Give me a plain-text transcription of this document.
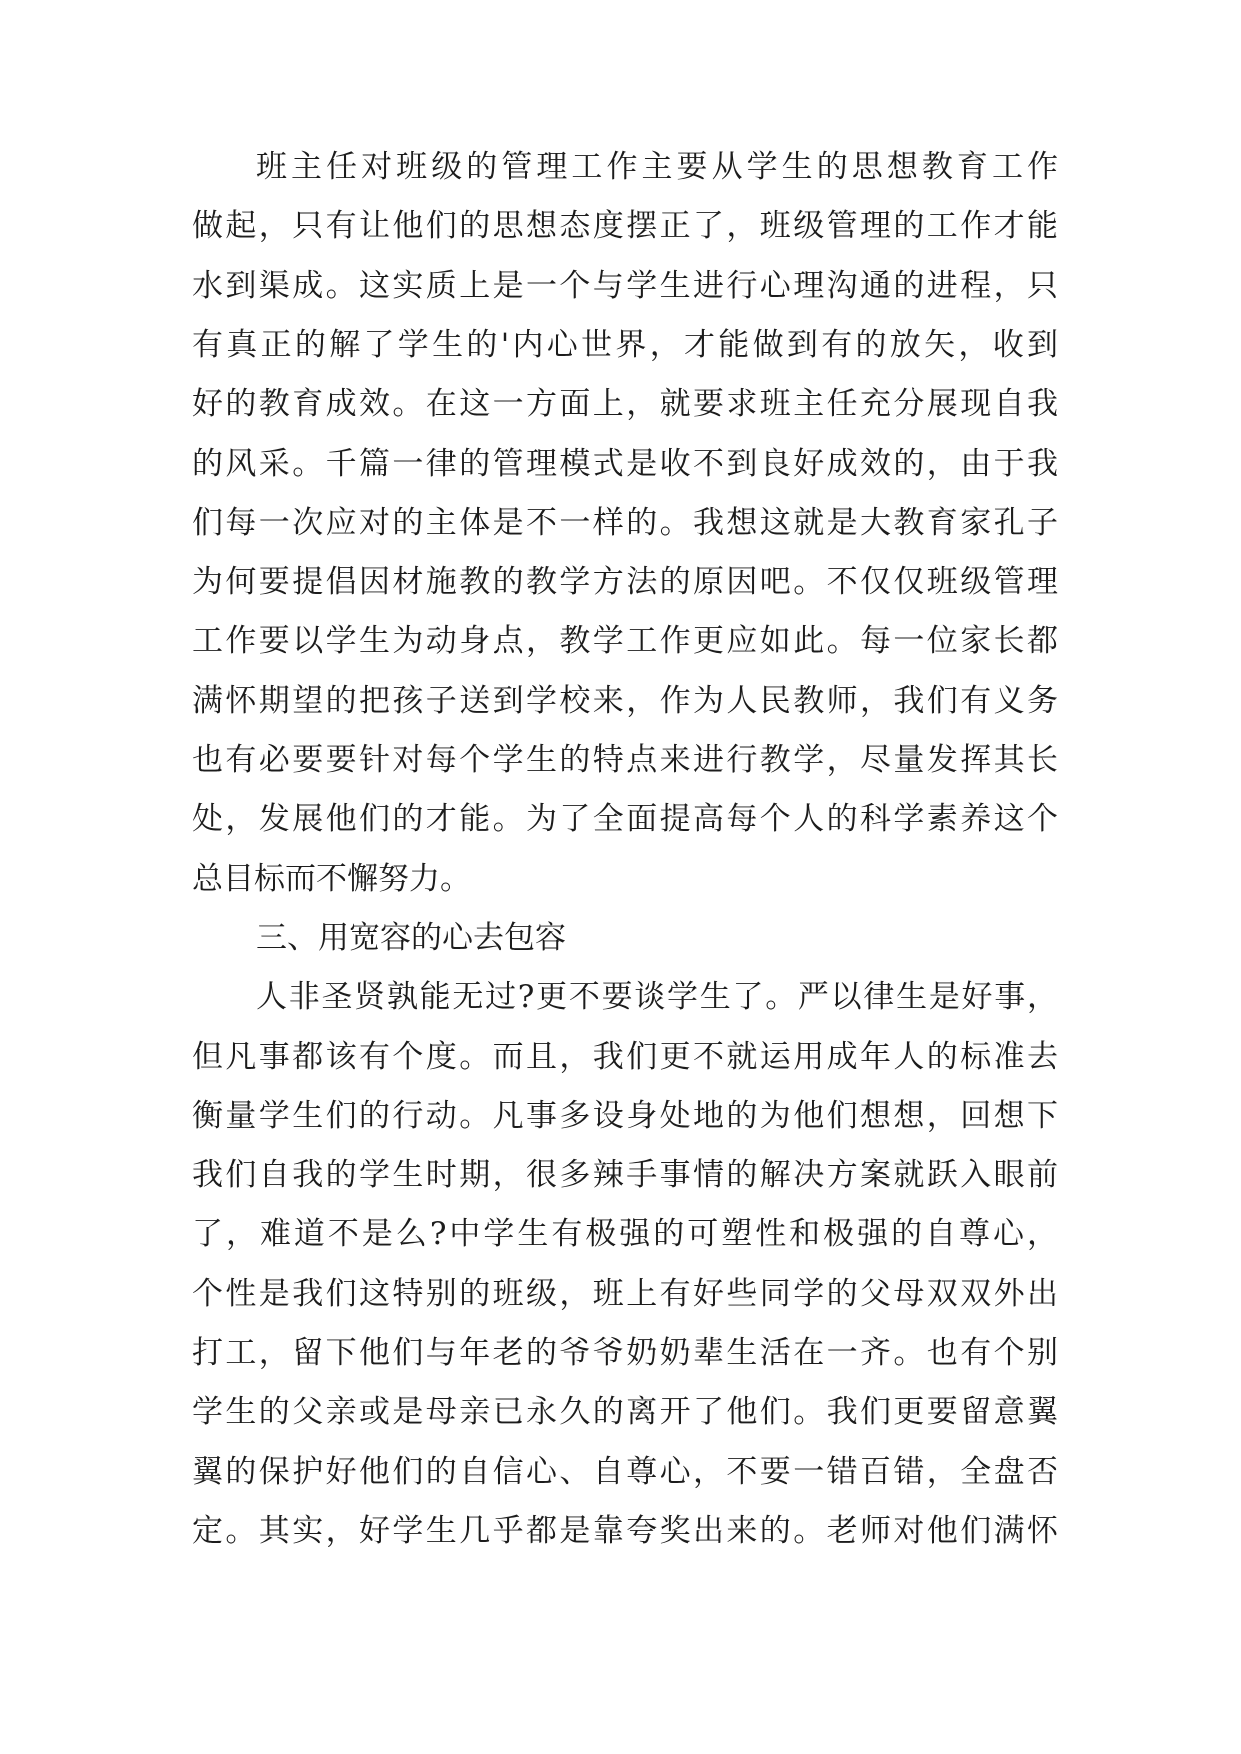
班主任对班级的管理工作主要从学生的思想教育工作
做起，只有让他们的思想态度摆正了，班级管理的工作才能
水到渠成。这实质上是一个与学生进行心理沟通的进程，只
有真正的解了学生的'内心世界，才能做到有的放矢，收到
好的教育成效。在这一方面上，就要求班主任充分展现自我
的风采。千篇一律的管理模式是收不到良好成效的，由于我
们每一次应对的主体是不一样的。我想这就是大教育家孔子
为何要提倡因材施教的教学方法的原因吧。不仅仅班级管理
工作要以学生为动身点，教学工作更应如此。每一位家长都
满怀期望的把孩子送到学校来，作为人民教师，我们有义务
也有必要要针对每个学生的特点来进行教学，尽量发挥其长
处，发展他们的才能。为了全面提高每个人的科学素养这个
总目标而不懈努力。
三、用宽容的心去包容
人非圣贤孰能无过?更不要谈学生了。严以律生是好事，
但凡事都该有个度。而且，我们更不就运用成年人的标准去
衡量学生们的行动。凡事多设身处地的为他们想想，回想下
我们自我的学生时期，很多辣手事情的解决方案就跃入眼前
了，难道不是么?中学生有极强的可塑性和极强的自尊心，
个性是我们这特别的班级，班上有好些同学的父母双双外出
打工，留下他们与年老的爷爷奶奶辈生活在一齐。也有个别
学生的父亲或是母亲已永久的离开了他们。我们更要留意翼
翼的保护好他们的自信心、自尊心，不要一错百错，全盘否
定。其实，好学生几乎都是靠夸奖出来的。老师对他们满怀
